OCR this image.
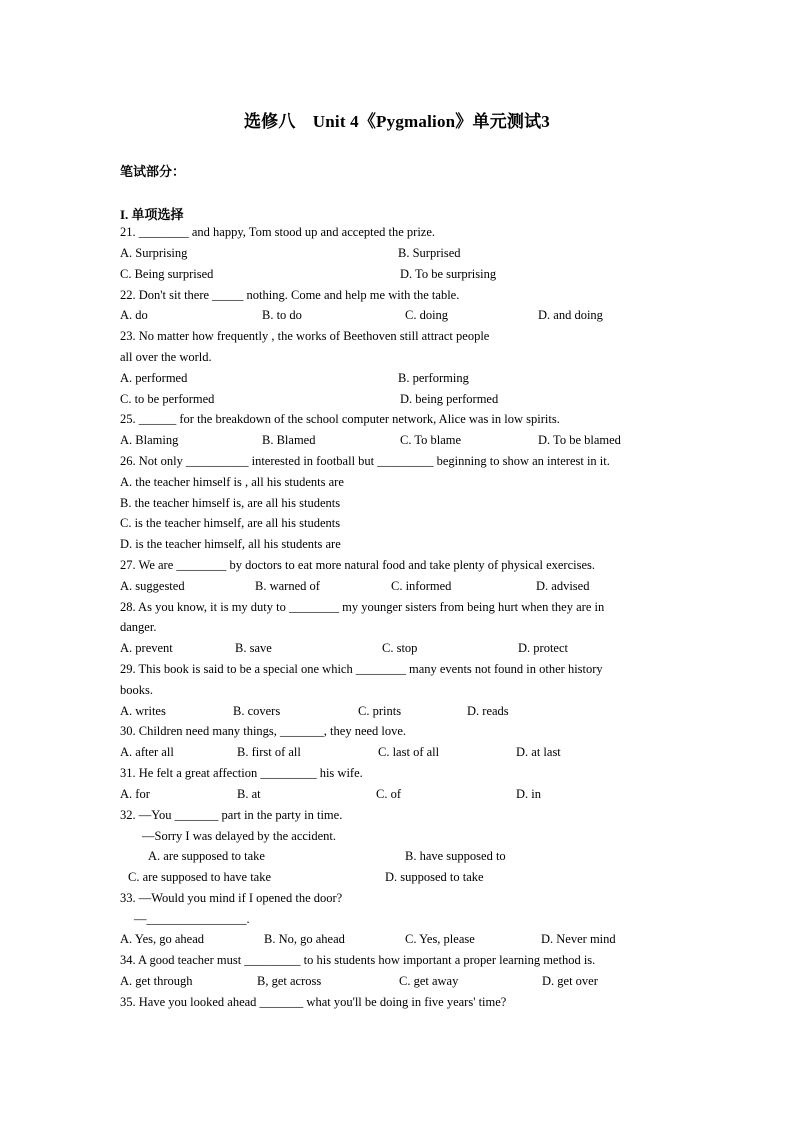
选修八　Unit 4《Pygmalion》单元测试3
笔试部分：
I. 单项选择
21. ________ and happy, Tom stood up and accepted the prize.
A. Surprising	B. Surprised
C. Being surprised	D. To be surprising
22. Don't sit there _____ nothing. Come and help me with the table.
A. do	B. to do	C. doing	D. and doing
23. No matter how frequently , the works of Beethoven still attract people
all over the world.
A. performed	B. performing
C. to be performed	D. being performed
25. ______ for the breakdown of the school computer network, Alice was in low spirits.
A. Blaming	B. Blamed	C. To blame	D. To be blamed
26. Not only __________ interested in football but _________ beginning to show an interest in it.
A. the teacher himself is , all his students are
B. the teacher himself is, are all his students
C. is the teacher himself, are all his students
D. is the teacher himself, all his students are
27. We are ________ by doctors to eat more natural food and take plenty of physical exercises.
A. suggested	B. warned of	C. informed	D. advised
28. As you know, it is my duty to ________ my younger sisters from being hurt when they are in
danger.
A. prevent	B. save	C. stop	D. protect
29. This book is said to be a special one which ________ many events not found in other history
books.
A. writes	B. covers	C. prints	D. reads
30. Children need many things, _______, they need love.
A. after all	B. first of all	C. last of all	D. at last
31. He felt a great affection _________ his wife.
A. for	B. at	C. of	D. in
32. —You _______ part in the party in time.
—Sorry I was delayed by the accident.
A. are supposed to take	B. have supposed to
C. are supposed to have take	D. supposed to take
33. —Would you mind if I opened the door?
—________________.
A. Yes, go ahead	B. No, go ahead	C. Yes, please	D. Never mind
34. A good teacher must _________ to his students how important a proper learning method is.
A. get through	B, get across	C. get away	D. get over
35. Have you looked ahead _______ what you'll be doing in five years' time?
